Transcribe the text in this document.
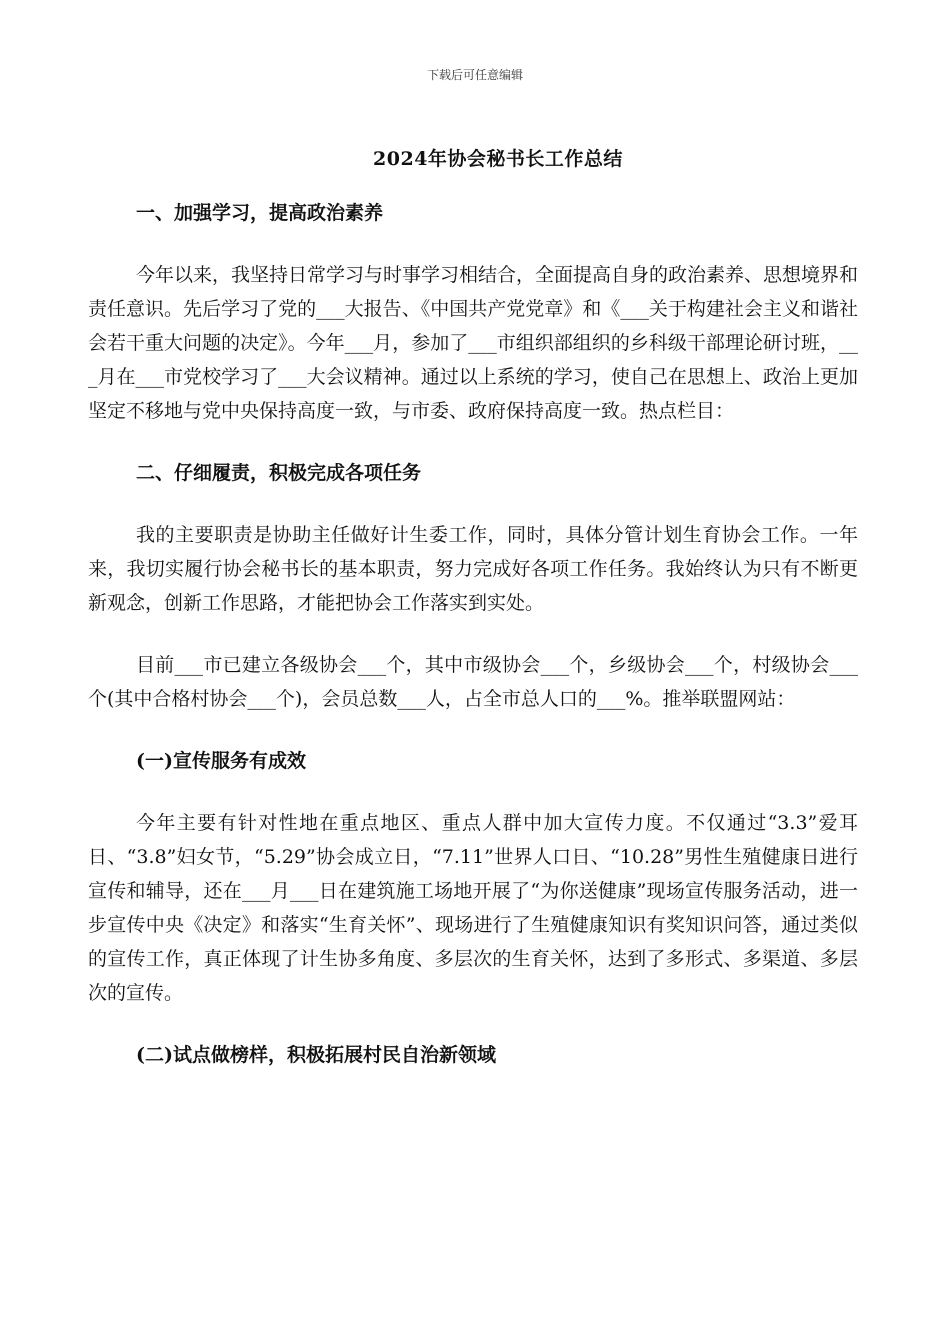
下载后可任意编辑
2024年协会秘书长工作总结
一、加强学习，提高政治素养

今年以来，我坚持日常学习与时事学习相结合，全面提高自身的政治素养、思想境界和责任意识。先后学习了党的___大报告、《中国共产党党章》和《___关于构建社会主义和谐社会若干重大问题的决定》。今年___月，参加了___市组织部组织的乡科级干部理论研讨班，___月在___市党校学习了___大会议精神。通过以上系统的学习，使自己在思想上、政治上更加坚定不移地与党中央保持高度一致，与市委、政府保持高度一致。热点栏目：

二、仔细履责，积极完成各项任务

我的主要职责是协助主任做好计生委工作，同时，具体分管计划生育协会工作。一年来，我切实履行协会秘书长的基本职责，努力完成好各项工作任务。我始终认为只有不断更新观念，创新工作思路，才能把协会工作落实到实处。

目前___市已建立各级协会___个，其中市级协会___个，乡级协会___个，村级协会___个(其中合格村协会___个)，会员总数___人，占全市总人口的___%。推举联盟网站：

(一)宣传服务有成效

今年主要有针对性地在重点地区、重点人群中加大宣传力度。不仅通过“3.3”爱耳日、“3.8”妇女节，“5.29”协会成立日，“7.11”世界人口日、“10.28”男性生殖健康日进行宣传和辅导，还在___月___日在建筑施工场地开展了“为你送健康”现场宣传服务活动，进一步宣传中央《决定》和落实“生育关怀”、现场进行了生殖健康知识有奖知识问答，通过类似的宣传工作，真正体现了计生协多角度、多层次的生育关怀，达到了多形式、多渠道、多层次的宣传。

(二)试点做榜样，积极拓展村民自治新领域
